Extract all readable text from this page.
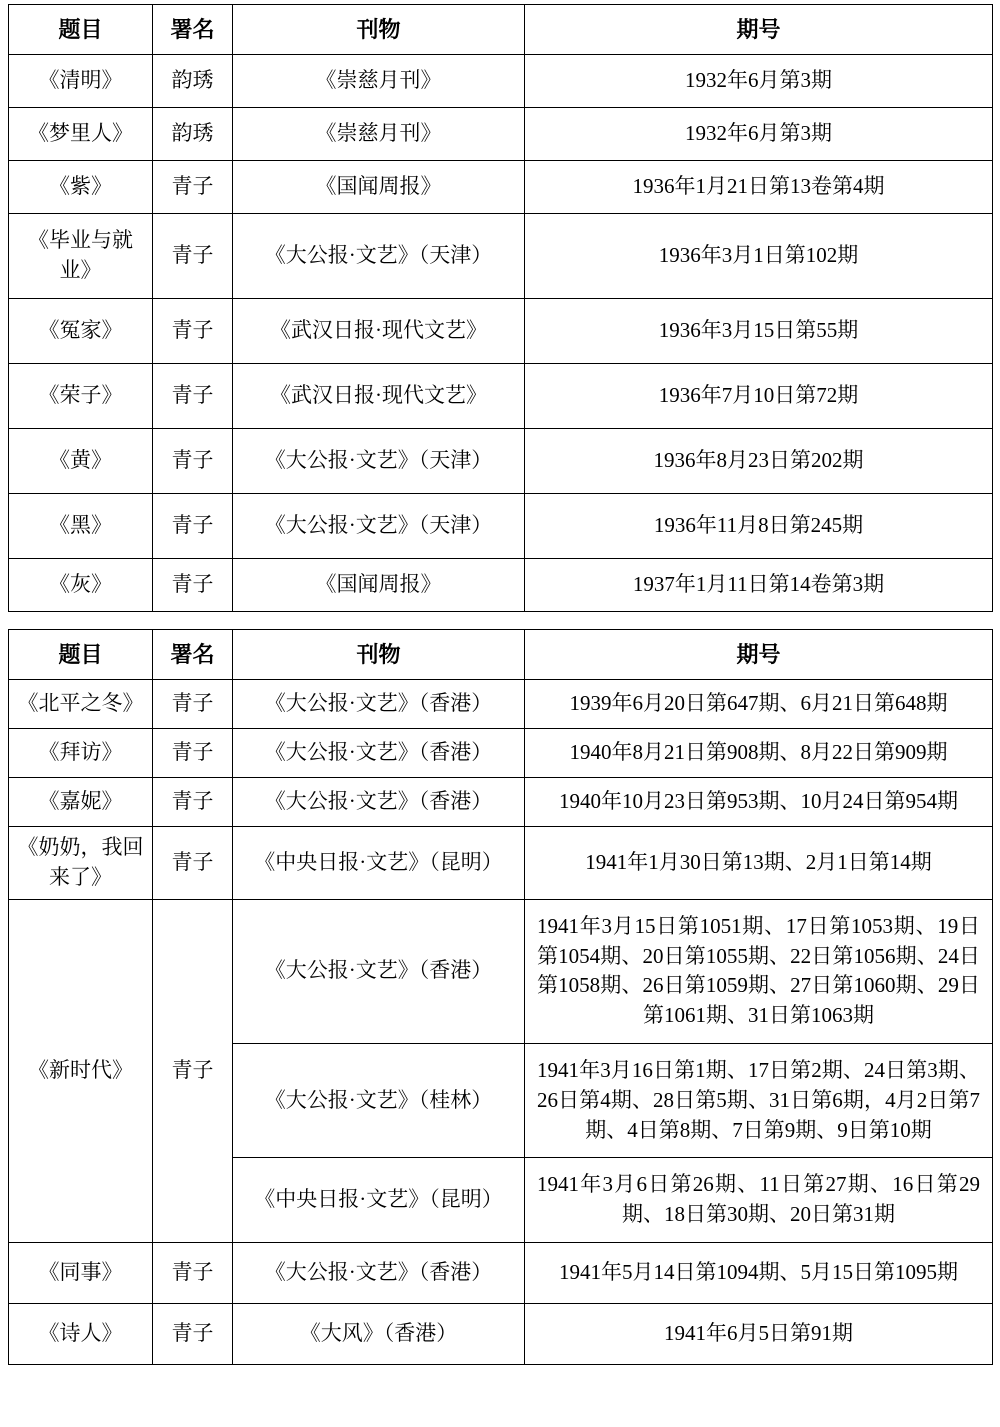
题目	署名	刊物	期号
《清明》	韵琇	《崇慈月刊》	1932年6月第3期
《梦里人》	韵琇	《崇慈月刊》	1932年6月第3期
《紫》	青子	《国闻周报》	1936年1月21日第13卷第4期
《毕业与就业》	青子	《大公报·文艺》（天津）	1936年3月1日第102期
《冤家》	青子	《武汉日报·现代文艺》	1936年3月15日第55期
《荣子》	青子	《武汉日报·现代文艺》	1936年7月10日第72期
《黄》	青子	《大公报·文艺》（天津）	1936年8月23日第202期
《黑》	青子	《大公报·文艺》（天津）	1936年11月8日第245期
《灰》	青子	《国闻周报》	1937年1月11日第14卷第3期
题目	署名	刊物	期号
《北平之冬》	青子	《大公报·文艺》（香港）	1939年6月20日第647期、6月21日第648期
《拜访》	青子	《大公报·文艺》（香港）	1940年8月21日第908期、8月22日第909期
《嘉妮》	青子	《大公报·文艺》（香港）	1940年10月23日第953期、10月24日第954期
《奶奶，我回来了》	青子	《中央日报·文艺》（昆明）	1941年1月30日第13期、2月1日第14期
《新时代》	青子	《大公报·文艺》（香港）	1941年3月15日第1051期、17日第1053期、19日第1054期、20日第1055期、22日第1056期、24日第1058期、26日第1059期、27日第1060期、29日第1061期、31日第1063期
		《大公报·文艺》（桂林）	1941年3月16日第1期、17日第2期、24日第3期、26日第4期、28日第5期、31日第6期，4月2日第7期、4日第8期、7日第9期、9日第10期
		《中央日报·文艺》（昆明）	1941年3月6日第26期、11日第27期、16日第29期、18日第30期、20日第31期
《同事》	青子	《大公报·文艺》（香港）	1941年5月14日第1094期、5月15日第1095期
《诗人》	青子	《大风》（香港）	1941年6月5日第91期
